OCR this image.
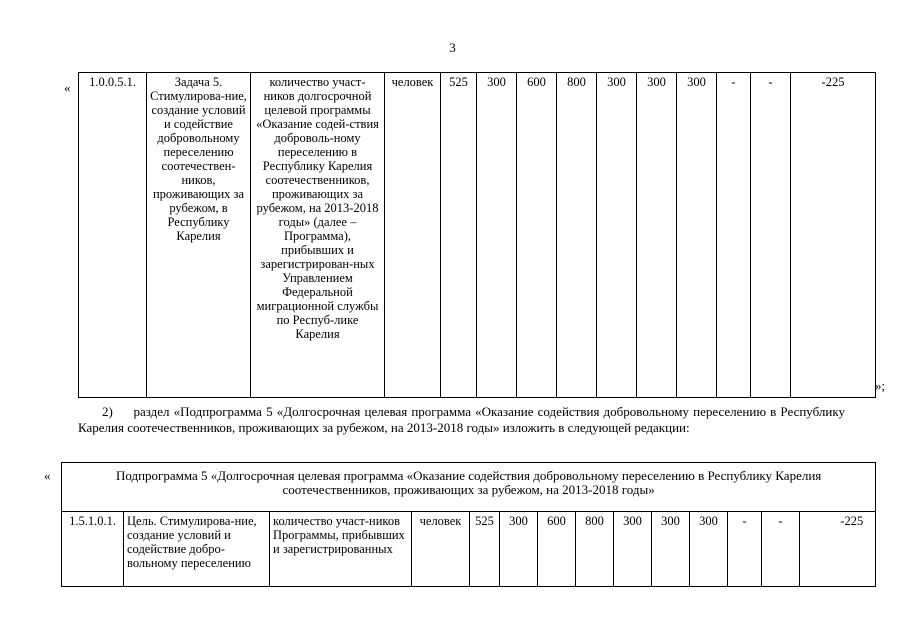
3
« 1.0.0.5.1.	Задача 5. Стимулирова-ние, создание условий и содействие добровольному переселению соотечествен-ников, проживающих за рубежом, в Республику Карелия	количество участ-ников долгосрочной целевой программы «Оказание содей-ствия доброволь-ному переселению в Республику Карелия соотечественников, проживающих за рубежом, на 2013-2018 годы» (далее – Программа), прибывших и зарегистрирован-ных Управлением Федеральной миграционной службы по Респуб-лике Карелия	человек	525	300	600	800	300	300	300	-	-	-225
»;
2) раздел «Подпрограмма 5 «Долгосрочная целевая программа «Оказание содействия добровольному переселению в Республику Карелия соотечественников, проживающих за рубежом, на 2013-2018 годы» изложить в следующей редакции:
«	Подпрограмма 5 «Долгосрочная целевая программа «Оказание содействия добровольному переселению в Республику Карелия соотечественников, проживающих за рубежом, на 2013-2018 годы»
1.5.1.0.1.	Цель. Стимулирова-ние, создание условий и содействие добро-вольному переселению	количество участ-ников Программы, прибывших и зарегистрированных	человек	525	300	600	800	300	300	300	-	-	-225
